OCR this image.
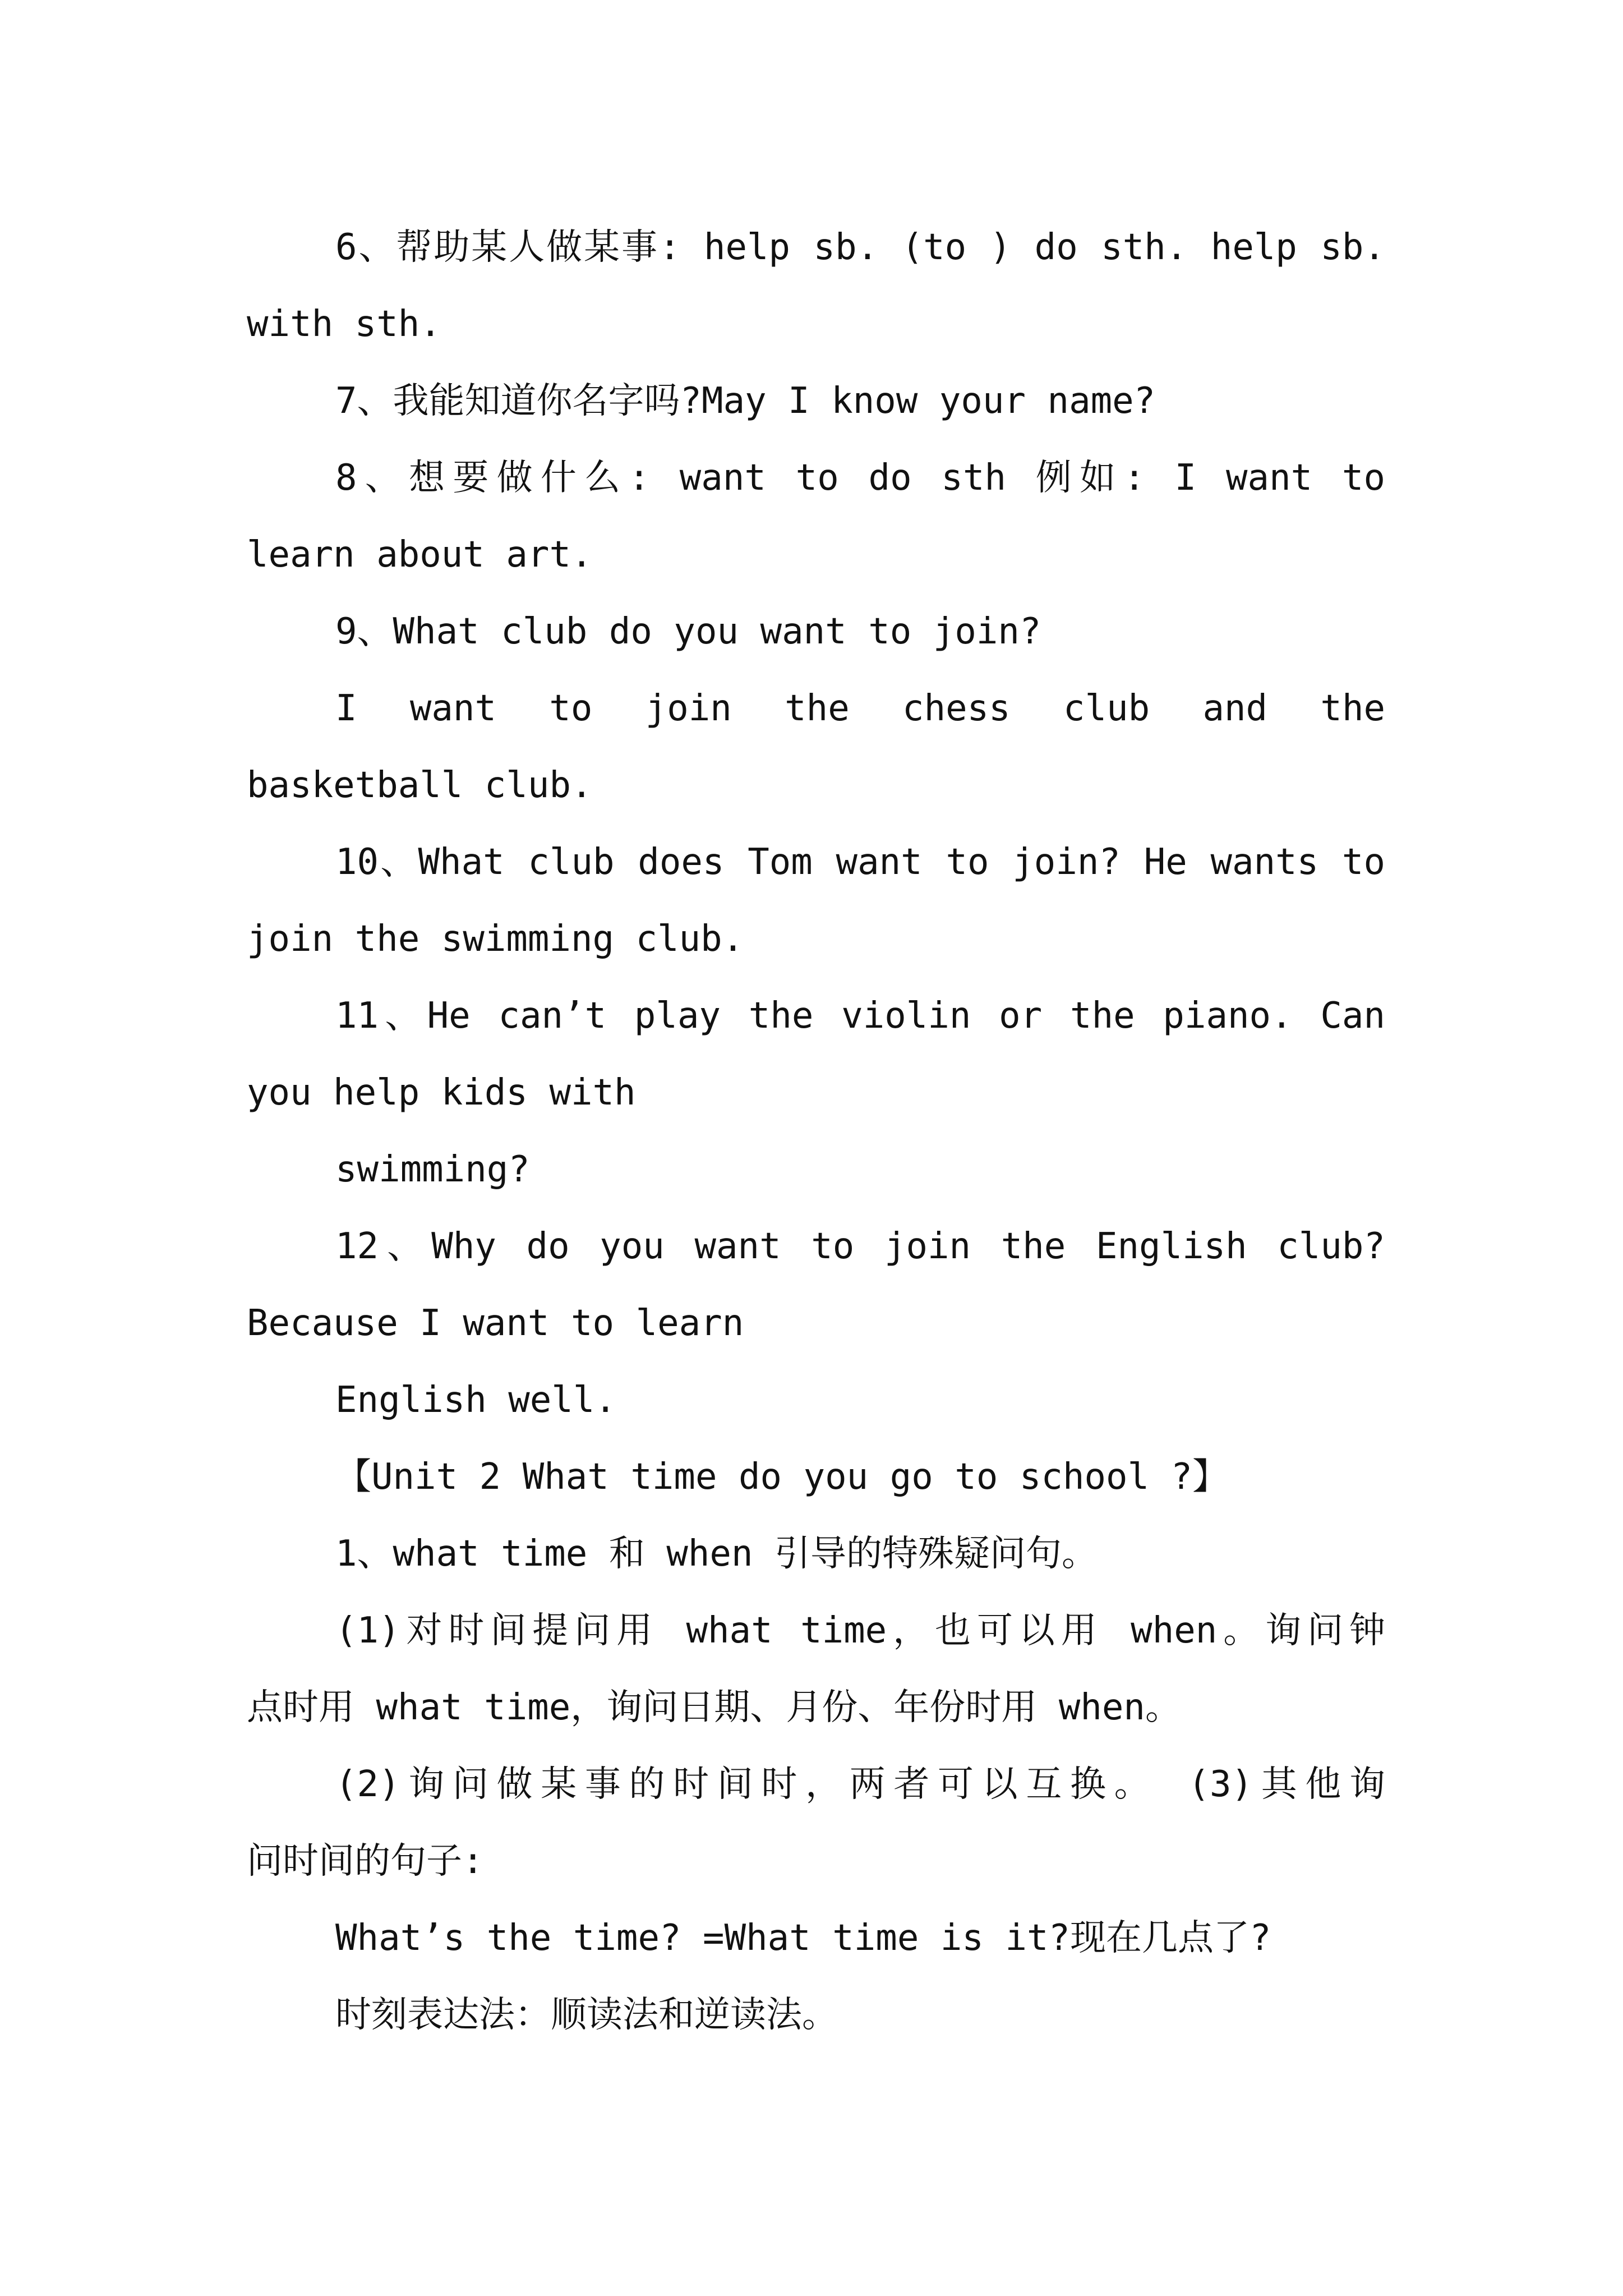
6、帮助某人做某事: help sb. (to ) do sth. help sb.

with sth.

7、我能知道你名字吗?May I know your name?

8、想要做什么: want to do sth 例如: I want to

learn about art.

9、What club do you want to join?

I want to join the chess club and the

basketball club.

10、What club does Tom want to join? He wants to

join the swimming club.

11、He can’t play the violin or the piano. Can

you help kids with

swimming?

12、Why do you want to join the English club?

Because I want to learn

English well.

【Unit 2 What time do you go to school ?】

1、what time 和 when 引导的特殊疑问句。

(1)对时间提问用 what time，也可以用 when。询问钟

点时用 what time，询问日期、月份、年份时用 when。

(2)询问做某事的时间时，两者可以互换。 (3)其他询

问时间的句子:

What’s the time? =What time is it?现在几点了?

时刻表达法：顺读法和逆读法。
